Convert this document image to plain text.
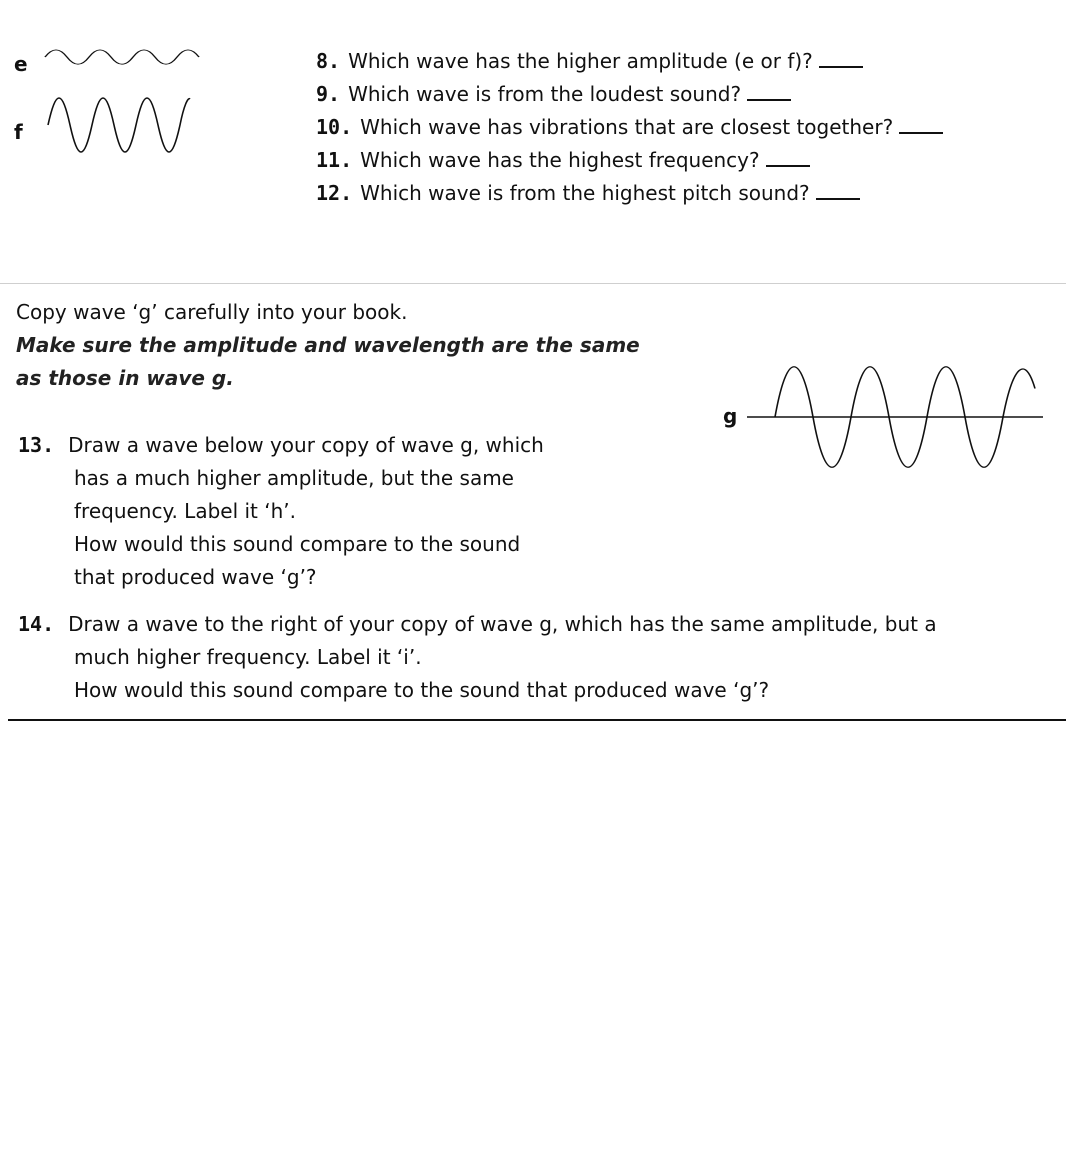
e
f
8. Which wave has the higher amplitude (e or f)?
9. Which wave is from the loudest sound?
10. Which wave has vibrations that are closest together?
11. Which wave has the highest frequency?
12. Which wave is from the highest pitch sound?
Copy wave ‘g’ carefully into your book.
Make sure the amplitude and wavelength are the same
as those in wave g.
g
13. Draw a wave below your copy of wave g, which
has a much higher amplitude, but the same
frequency. Label it ‘h’.
How would this sound compare to the sound
that produced wave ‘g’?
14. Draw a wave to the right of your copy of wave g, which has the same amplitude, but a
much higher frequency. Label it ‘i’.
How would this sound compare to the sound that produced wave ‘g’?
